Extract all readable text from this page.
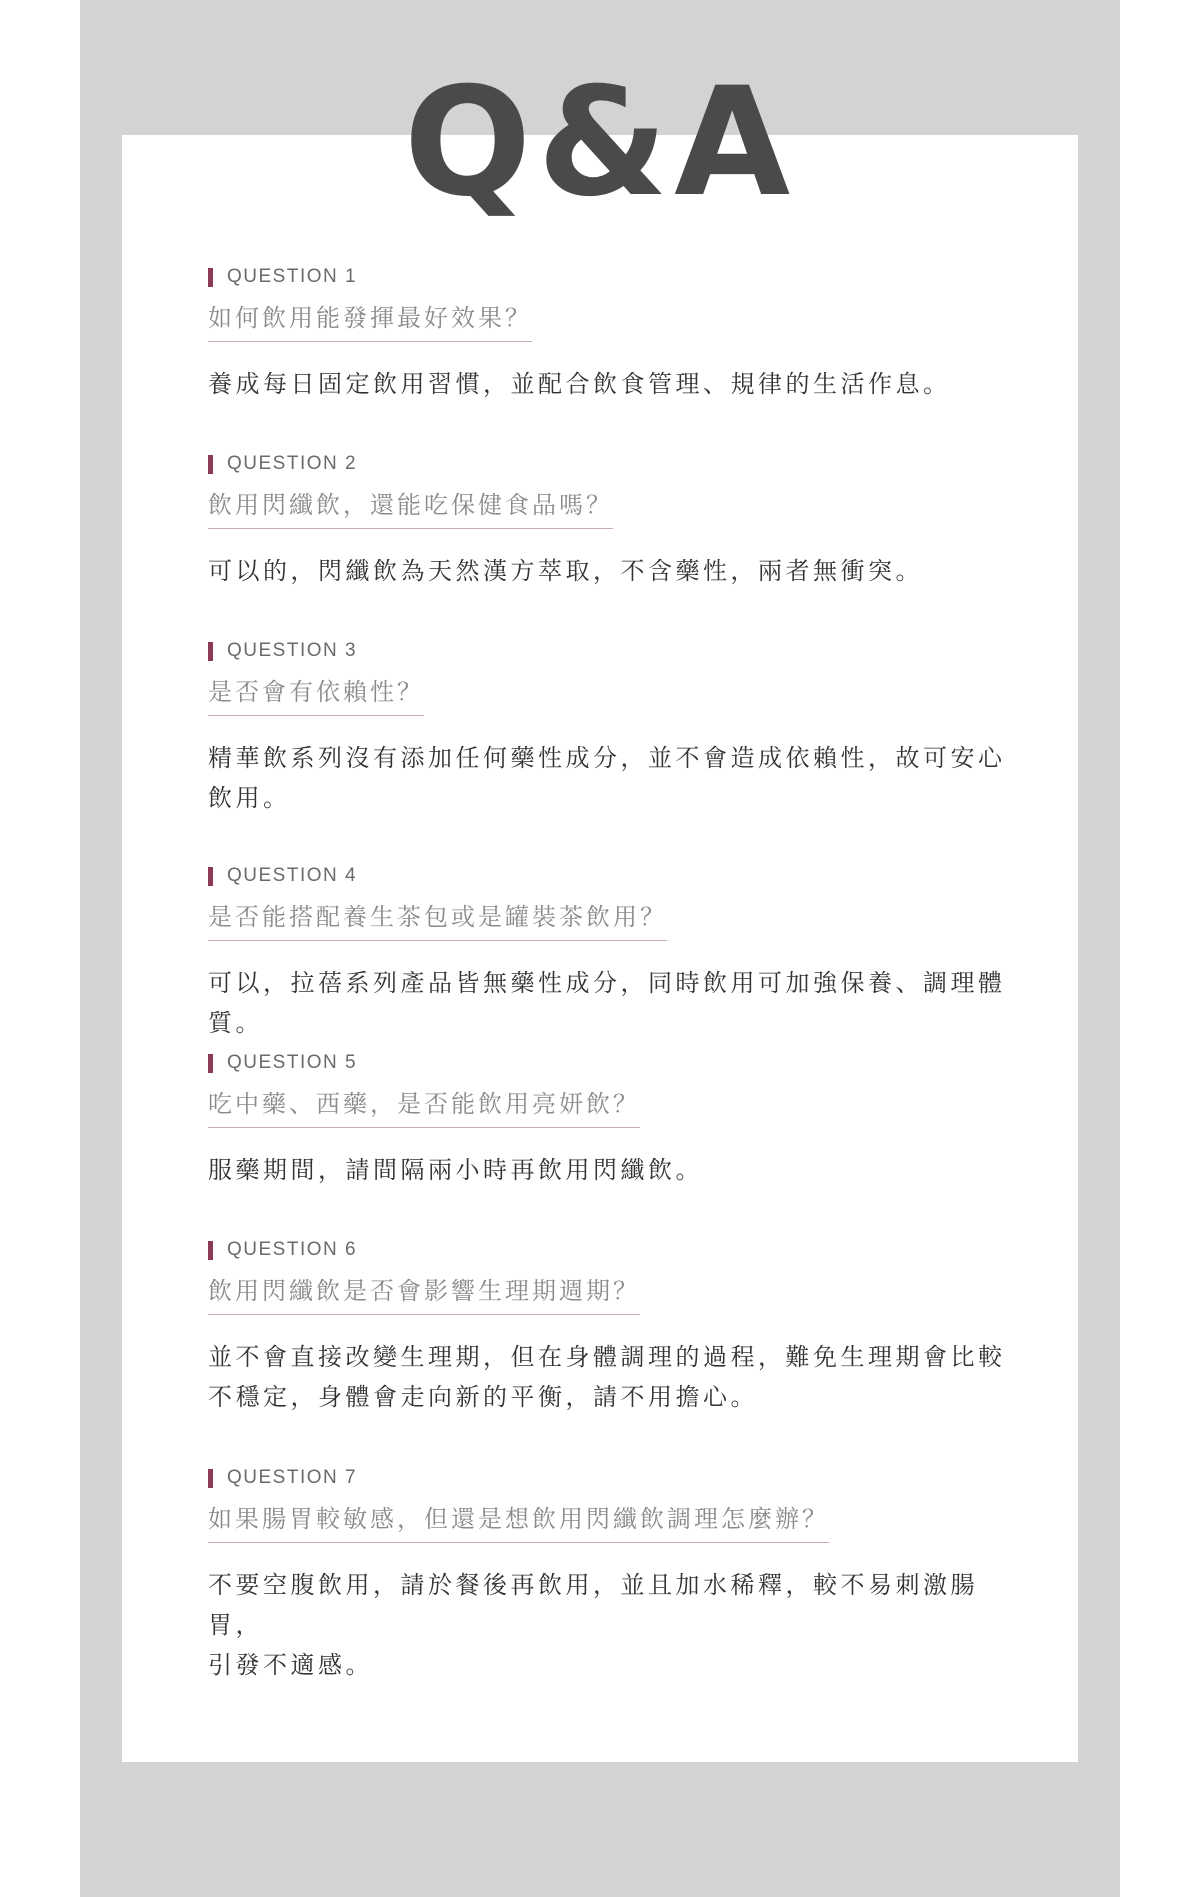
Q&A
QUESTION 1
如何飲用能發揮最好效果？
養成每日固定飲用習慣，並配合飲食管理、規律的生活作息。
QUESTION 2
飲用閃纖飲，還能吃保健食品嗎？
可以的，閃纖飲為天然漢方萃取，不含藥性，兩者無衝突。
QUESTION 3
是否會有依賴性？
精華飲系列沒有添加任何藥性成分，並不會造成依賴性，故可安心
飲用。
QUESTION 4
是否能搭配養生茶包或是罐裝茶飲用？
可以，拉蓓系列產品皆無藥性成分，同時飲用可加強保養、調理體質。
QUESTION 5
吃中藥、西藥，是否能飲用亮妍飲？
服藥期間，請間隔兩小時再飲用閃纖飲。
QUESTION 6
飲用閃纖飲是否會影響生理期週期？
並不會直接改變生理期，但在身體調理的過程，難免生理期會比較
不穩定，身體會走向新的平衡，請不用擔心。
QUESTION 7
如果腸胃較敏感，但還是想飲用閃纖飲調理怎麼辦？
不要空腹飲用，請於餐後再飲用，並且加水稀釋，較不易刺激腸胃，
引發不適感。
